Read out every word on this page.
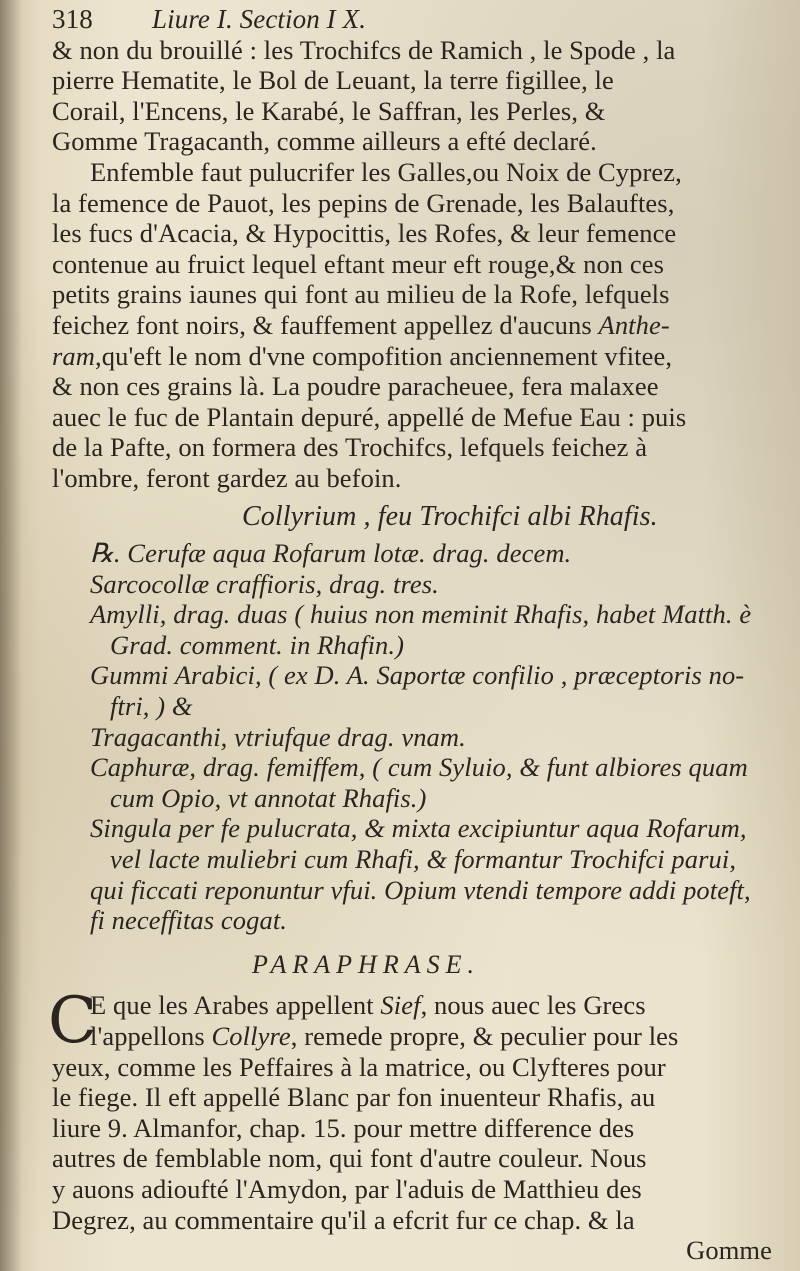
318 Liure I. Section I X.
& non du brouillé : les Trochifcs de Ramich , le Spode , la
pierre Hematite, le Bol de Leuant, la terre figillee, le
Corail, l'Encens, le Karabé, le Saffran, les Perles, &
Gomme Tragacanth, comme ailleurs a efté declaré.
Enfemble faut pulucrifer les Galles,ou Noix de Cyprez,
la femence de Pauot, les pepins de Grenade, les Balauftes,
les fucs d'Acacia, & Hypocittis, les Rofes, & leur femence
contenue au fruict lequel eftant meur eft rouge,& non ces
petits grains iaunes qui font au milieu de la Rofe, lefquels
feichez font noirs, & fauffement appellez d'aucuns Anthe-
ram,qu'eft le nom d'vne compofition anciennement vfitee,
& non ces grains là. La poudre paracheuee, fera malaxee
auec le fuc de Plantain depuré, appellé de Mefue Eau : puis
de la Pafte, on formera des Trochifcs, lefquels feichez à
l'ombre, feront gardez au befoin.
Collyrium , feu Trochifci albi Rhafis.
℞. Cerufæ aqua Rofarum lotæ. drag. decem.
Sarcocollæ craffioris, drag. tres.
Amylli, drag. duas ( huius non meminit Rhafis, habet Matth. è
Grad. comment. in Rhafin.)
Gummi Arabici, ( ex D. A. Saportæ confilio , præceptoris no-
ftri, ) &
Tragacanthi, vtriufque drag. vnam.
Caphuræ, drag. femiffem, ( cum Syluio, & funt albiores quam
cum Opio, vt annotat Rhafis.)
Singula per fe pulucrata, & mixta excipiuntur aqua Rofarum,
vel lacte muliebri cum Rhafi, & formantur Trochifci parui,
qui ficcati reponuntur vfui. Opium vtendi tempore addi poteft,
fi neceffitas cogat.
PARAPHRASE.
C
E que les Arabes appellent Sief, nous auec les Grecs
l'appellons Collyre, remede propre, & peculier pour les
yeux, comme les Peffaires à la matrice, ou Clyfteres pour
le fiege. Il eft appellé Blanc par fon inuenteur Rhafis, au
liure 9. Almanfor, chap. 15. pour mettre difference des
autres de femblable nom, qui font d'autre couleur. Nous
y auons adioufté l'Amydon, par l'aduis de Matthieu des
Degrez, au commentaire qu'il a efcrit fur ce chap. & la
Gomme
